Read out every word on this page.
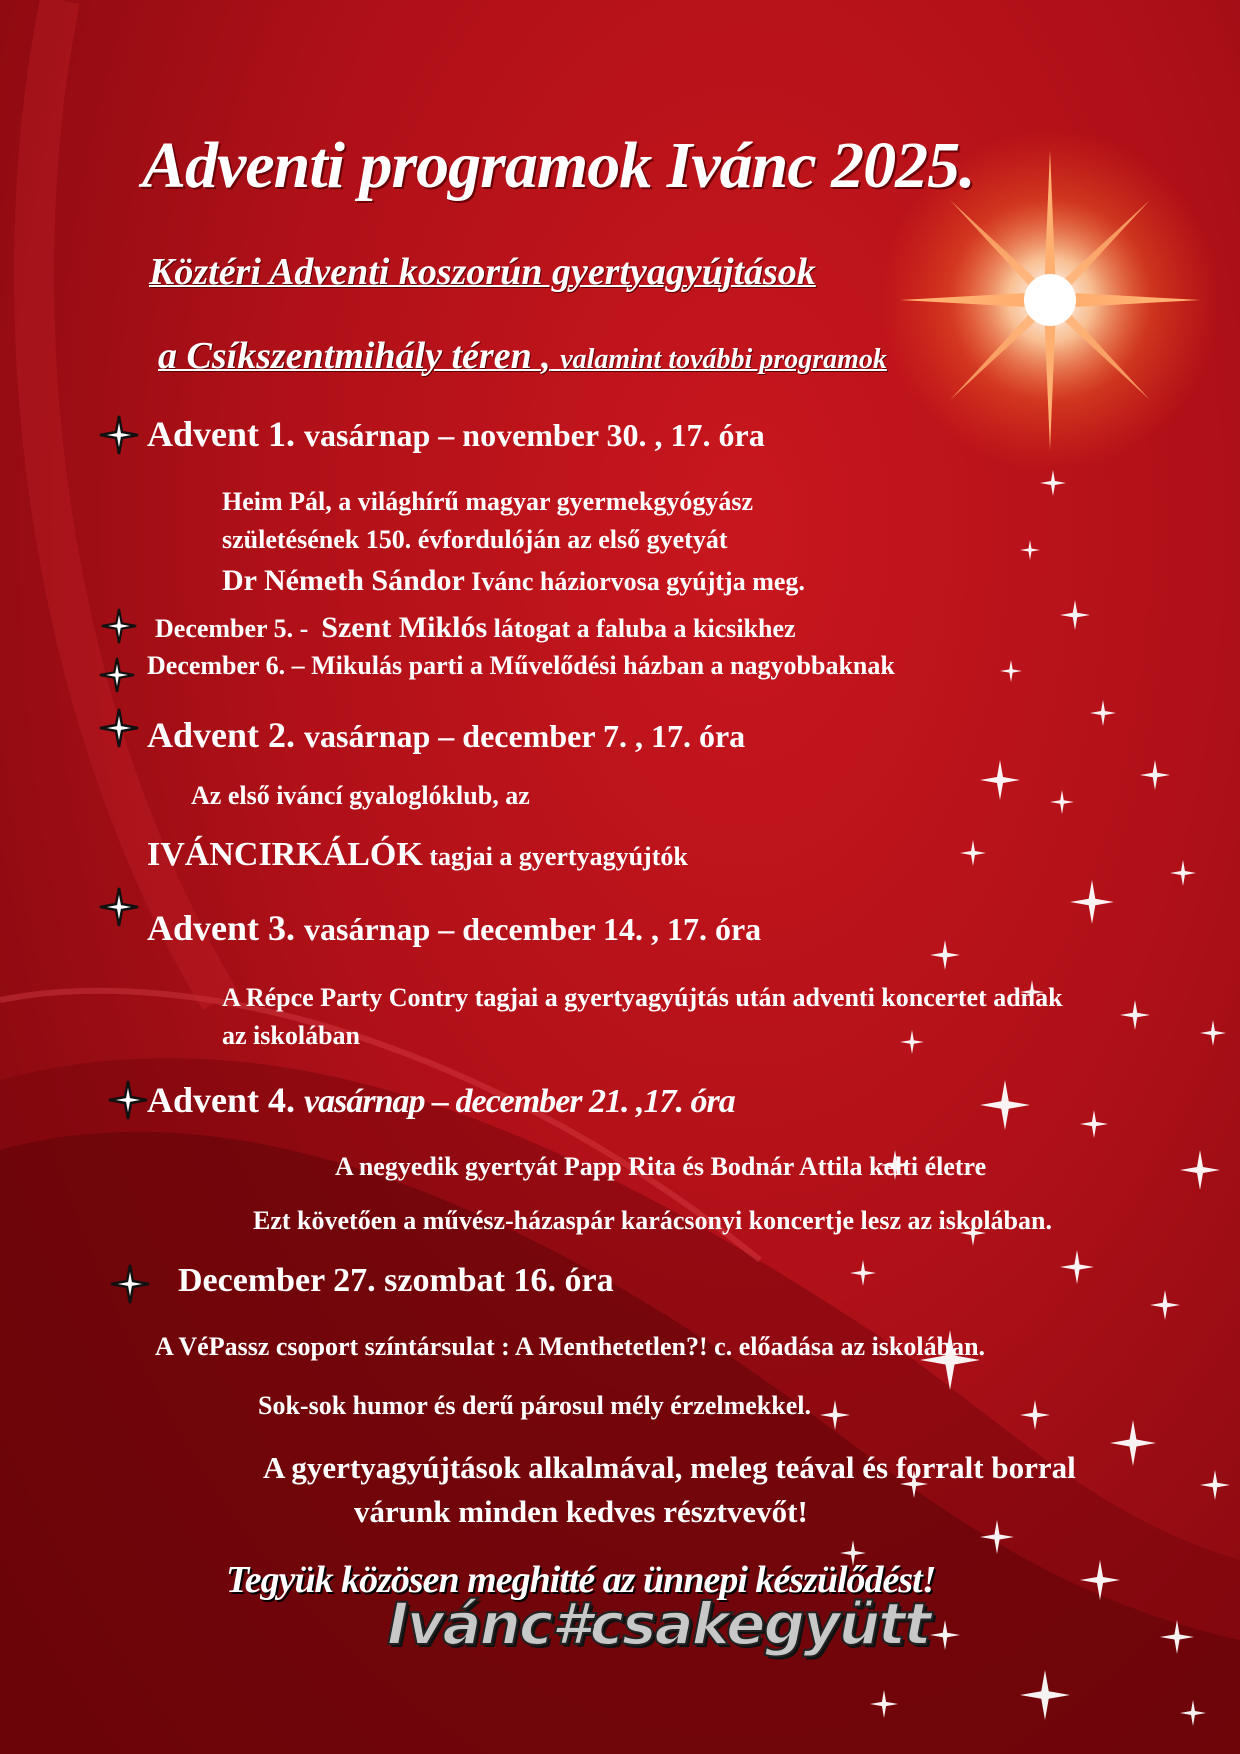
Adventi programok Ivánc 2025.
Köztéri Adventi koszorún gyertyagyújtások
a Csíkszentmihály téren , valamint további programok
Advent 1. vasárnap – november 30. , 17. óra
Heim Pál, a világhírű magyar gyermekgyógyász
születésének 150. évfordulóján az első gyetyát
Dr Németh Sándor Ivánc háziorvosa gyújtja meg.
December 5. - Szent Miklós látogat a faluba a kicsikhez
December 6. – Mikulás parti a Művelődési házban a nagyobbaknak
Advent 2. vasárnap – december 7. , 17. óra
Az első iváncí gyaloglóklub, az
IVÁNCIRKÁLÓK tagjai a gyertyagyújtók
Advent 3. vasárnap – december 14. , 17. óra
A Répce Party Contry tagjai a gyertyagyújtás után adventi koncertet adnak
az iskolában
Advent 4. vasárnap – december 21. ,17. óra
A negyedik gyertyát Papp Rita és Bodnár Attila kelti életre
Ezt követően a művész-házaspár karácsonyi koncertje lesz az iskolában.
December 27. szombat 16. óra
A VéPassz csoport színtársulat : A Menthetetlen?! c. előadása az iskolában.
Sok-sok humor és derű párosul mély érzelmekkel.
A gyertyagyújtások alkalmával, meleg teával és forralt borral
várunk minden kedves résztvevőt!
Tegyük közösen meghitté az ünnepi készülődést!
Ivánc#csakegyütt
